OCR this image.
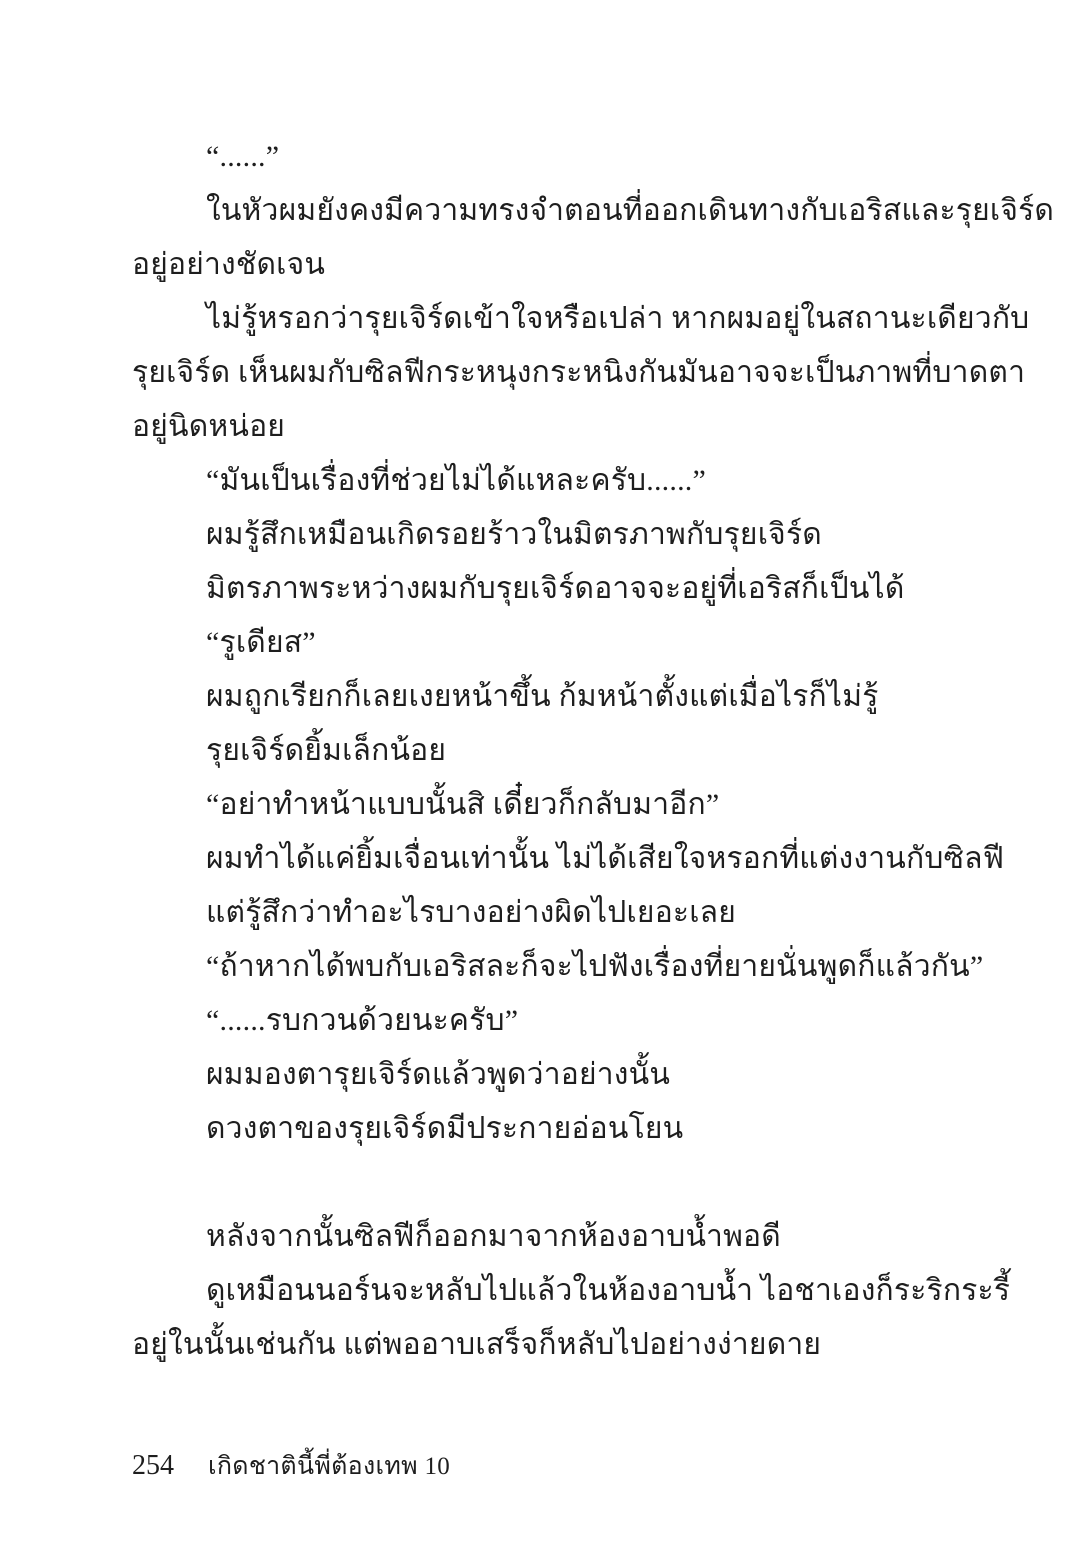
“......”
ในหัวผมยังคงมีความทรงจำตอนที่ออกเดินทางกับเอริสและรุยเจิร์ด
อยู่อย่างชัดเจน
ไม่รู้หรอกว่ารุยเจิร์ดเข้าใจหรือเปล่า หากผมอยู่ในสถานะเดียวกับ
รุยเจิร์ด เห็นผมกับซิลฟีกระหนุงกระหนิงกันมันอาจจะเป็นภาพที่บาดตา
อยู่นิดหน่อย
“มันเป็นเรื่องที่ช่วยไม่ได้แหละครับ......”
ผมรู้สึกเหมือนเกิดรอยร้าวในมิตรภาพกับรุยเจิร์ด
มิตรภาพระหว่างผมกับรุยเจิร์ดอาจจะอยู่ที่เอริสก็เป็นได้
“รูเดียส”
ผมถูกเรียกก็เลยเงยหน้าขึ้น ก้มหน้าตั้งแต่เมื่อไรก็ไม่รู้
รุยเจิร์ดยิ้มเล็กน้อย
“อย่าทำหน้าแบบนั้นสิ เดี๋ยวก็กลับมาอีก”
ผมทำได้แค่ยิ้มเจื่อนเท่านั้น ไม่ได้เสียใจหรอกที่แต่งงานกับซิลฟี
แต่รู้สึกว่าทำอะไรบางอย่างผิดไปเยอะเลย
“ถ้าหากได้พบกับเอริสละก็จะไปฟังเรื่องที่ยายนั่นพูดก็แล้วกัน”
“......รบกวนด้วยนะครับ”
ผมมองตารุยเจิร์ดแล้วพูดว่าอย่างนั้น
ดวงตาของรุยเจิร์ดมีประกายอ่อนโยน
หลังจากนั้นซิลฟีก็ออกมาจากห้องอาบน้ำพอดี
ดูเหมือนนอร์นจะหลับไปแล้วในห้องอาบน้ำ ไอชาเองก็ระริกระรี้
อยู่ในนั้นเช่นกัน แต่พออาบเสร็จก็หลับไปอย่างง่ายดาย
254 เกิดชาตินี้พี่ต้องเทพ 10
